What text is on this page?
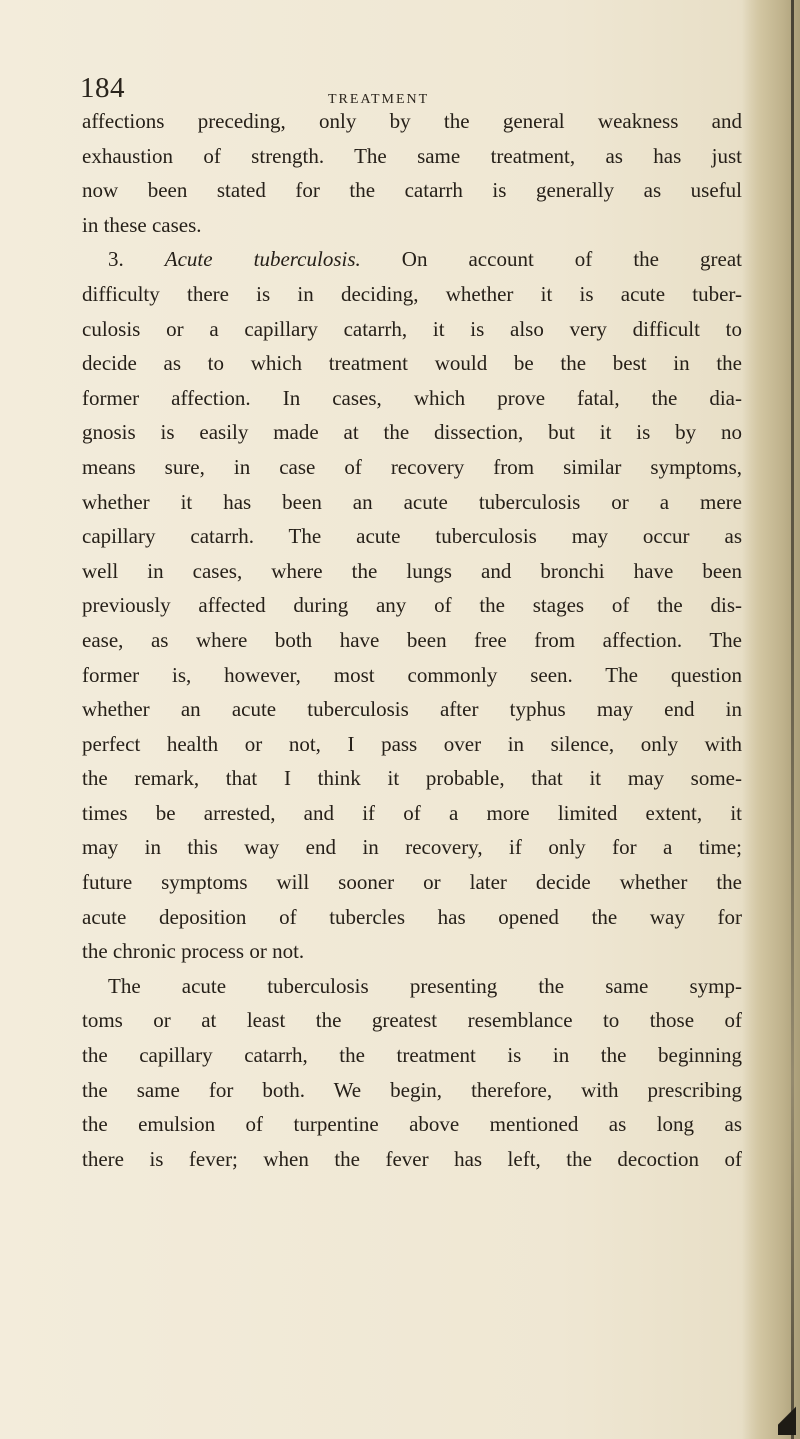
184	TREATMENT
affections preceding, only by the general weakness and
exhaustion of strength. The same treatment, as has just
now been stated for the catarrh is generally as useful
in these cases.
3. Acute tuberculosis. On account of the great
difficulty there is in deciding, whether it is acute tuber-
culosis or a capillary catarrh, it is also very difficult to
decide as to which treatment would be the best in the
former affection. In cases, which prove fatal, the dia-
gnosis is easily made at the dissection, but it is by no
means sure, in case of recovery from similar symptoms,
whether it has been an acute tuberculosis or a mere
capillary catarrh. The acute tuberculosis may occur as
well in cases, where the lungs and bronchi have been
previously affected during any of the stages of the dis-
ease, as where both have been free from affection. The
former is, however, most commonly seen. The question
whether an acute tuberculosis after typhus may end in
perfect health or not, I pass over in silence, only with
the remark, that I think it probable, that it may some-
times be arrested, and if of a more limited extent, it
may in this way end in recovery, if only for a time;
future symptoms will sooner or later decide whether the
acute deposition of tubercles has opened the way for
the chronic process or not.
The acute tuberculosis presenting the same symp-
toms or at least the greatest resemblance to those of
the capillary catarrh, the treatment is in the beginning
the same for both. We begin, therefore, with prescribing
the emulsion of turpentine above mentioned as long as
there is fever; when the fever has left, the decoction of
